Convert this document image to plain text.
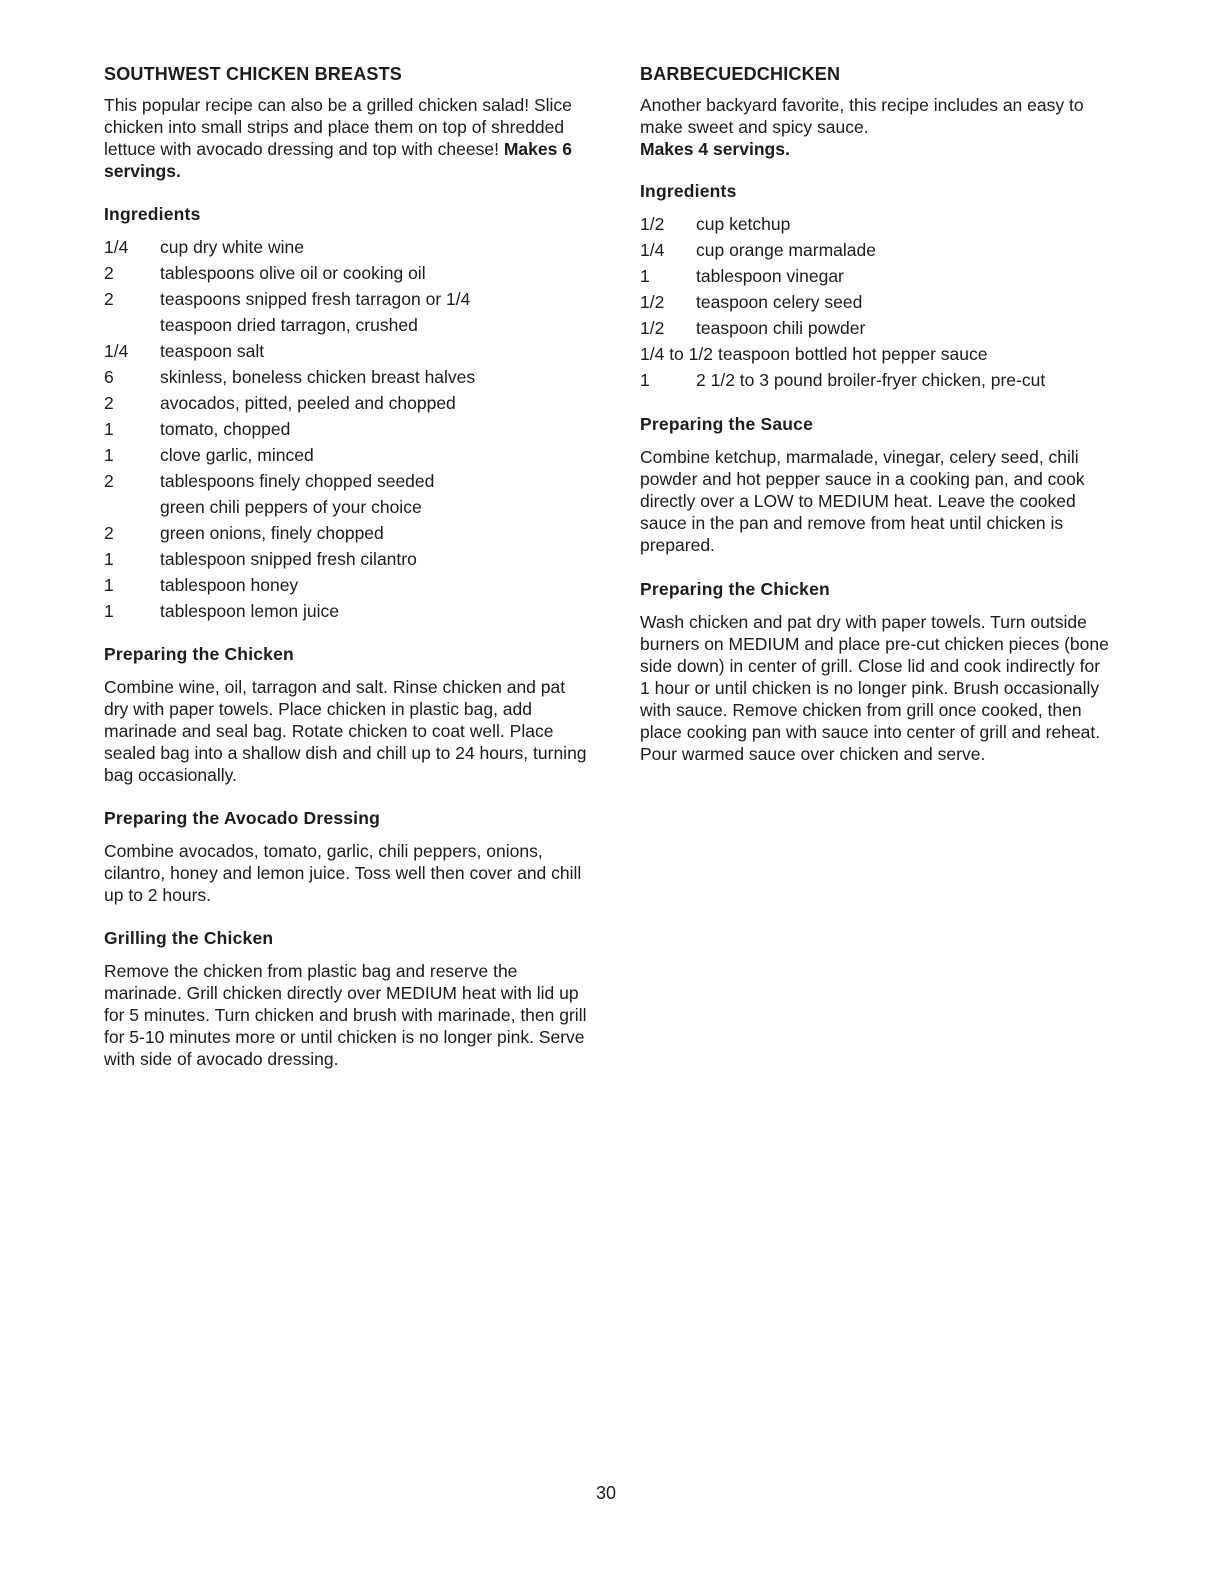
SOUTHWEST CHICKEN BREASTS

This popular recipe can also be a grilled chicken salad! Slice chicken into small strips and place them on top of shredded lettuce with avocado dressing and top with cheese! Makes 6 servings.

Ingredients
1/4	cup dry white wine
2	tablespoons olive oil or cooking oil
2	teaspoons snipped fresh tarragon or 1/4
teaspoon dried tarragon, crushed
1/4	teaspoon salt
6	skinless, boneless chicken breast halves
2	avocados, pitted, peeled and chopped
1	tomato, chopped
1	clove garlic, minced
2	tablespoons finely chopped seeded
green chili peppers of your choice
2	green onions, finely chopped
1	tablespoon snipped fresh cilantro
1	tablespoon honey
1	tablespoon lemon juice
Preparing the Chicken

Combine wine, oil, tarragon and salt. Rinse chicken and pat dry with paper towels. Place chicken in plastic bag, add marinade and seal bag. Rotate chicken to coat well. Place sealed bag into a shallow dish and chill up to 24 hours, turning bag occasionally.

Preparing the Avocado Dressing

Combine avocados, tomato, garlic, chili peppers, onions, cilantro, honey and lemon juice. Toss well then cover and chill up to 2 hours.

Grilling the Chicken

Remove the chicken from plastic bag and reserve the marinade. Grill chicken directly over MEDIUM heat with lid up for 5 minutes. Turn chicken and brush with marinade, then grill for 5-10 minutes more or until chicken is no longer pink. Serve with side of avocado dressing.

BARBECUEDCHICKEN

Another backyard favorite, this recipe includes an easy to make sweet and spicy sauce.

Makes 4 servings.

Ingredients
1/2	cup ketchup
1/4	cup orange marmalade
1	tablespoon vinegar
1/2	teaspoon celery seed
1/2	teaspoon chili powder
1/4 to 1/2 teaspoon bottled hot pepper sauce
1	2 1/2 to 3 pound broiler-fryer chicken, pre-cut
Preparing the Sauce

Combine ketchup, marmalade, vinegar, celery seed, chili powder and hot pepper sauce in a cooking pan, and cook directly over a LOW to MEDIUM heat. Leave the cooked sauce in the pan and remove from heat until chicken is prepared.

Preparing the Chicken

Wash chicken and pat dry with paper towels. Turn outside burners on MEDIUM and place pre-cut chicken pieces (bone side down) in center of grill. Close lid and cook indirectly for 1 hour or until chicken is no longer pink. Brush occasionally with sauce. Remove chicken from grill once cooked, then place cooking pan with sauce into center of grill and reheat. Pour warmed sauce over chicken and serve.

30
